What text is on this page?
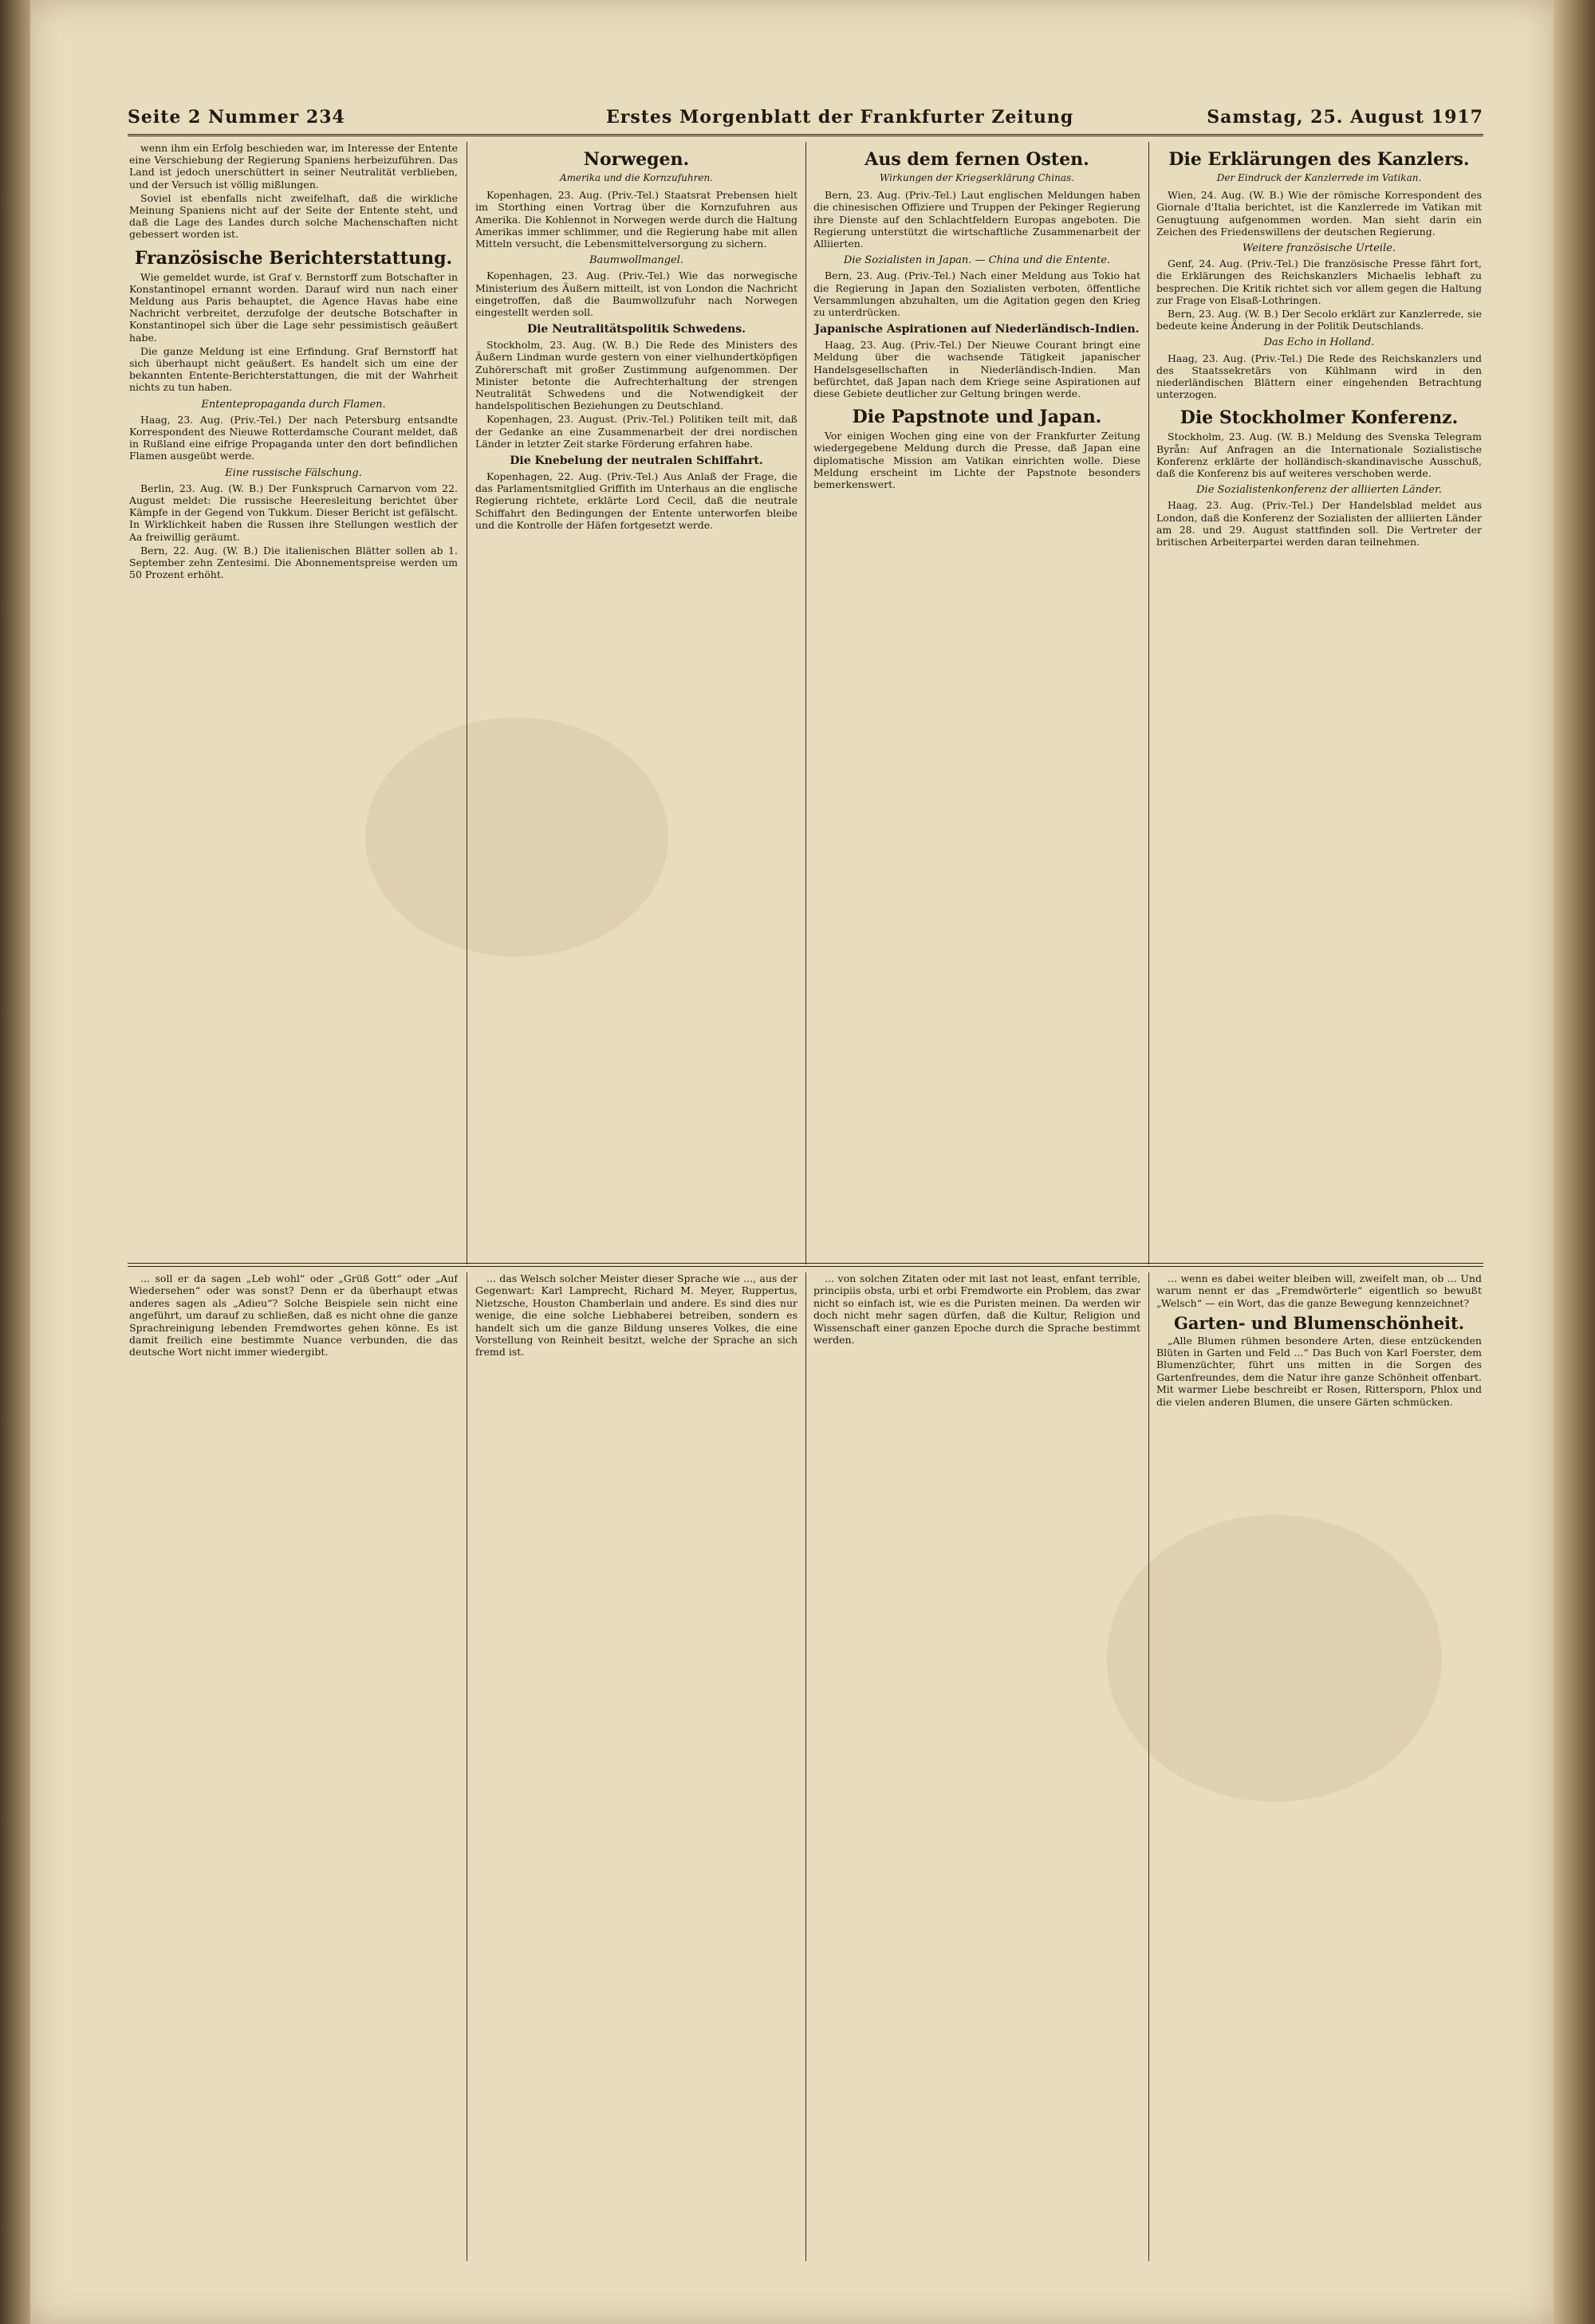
Seite 2 Nummer 234	Erstes Morgenblatt der Frankfurter Zeitung	Samstag, 25. August 1917

wenn ihm ein Erfolg beschieden war, im Interesse der Entente eine Verschiebung der Regierung Spaniens herbeizuführen. Das Land ist jedoch unerschüttert in seiner Neutralität verblieben, und der Versuch ist völlig mißlungen.

Soviel ist ebenfalls nicht zweifelhaft, daß die wirkliche Meinung Spaniens nicht auf der Seite der Entente steht, und daß die Lage des Landes durch solche Machenschaften nicht gebessert worden ist.

Französische Berichterstattung.

Wie gemeldet wurde, ist Graf v. Bernstorff zum Botschafter in Konstantinopel ernannt worden. Darauf wird nun nach einer Meldung aus Paris behauptet, die Agence Havas habe eine Nachricht verbreitet, derzufolge der deutsche Botschafter in Konstantinopel sich über die Lage sehr pessimistisch geäußert habe.

Die ganze Meldung ist eine Erfindung. Graf Bernstorff hat sich überhaupt nicht geäußert. Es handelt sich um eine der bekannten Entente-Berichterstattungen, die mit der Wahrheit nichts zu tun haben.

Ententepropaganda durch Flamen.

Haag, 23. Aug. (Priv.-Tel.) Der nach Petersburg entsandte Korrespondent des Nieuwe Rotterdamsche Courant meldet, daß in Rußland eine eifrige Propaganda unter den dort befindlichen Flamen ausgeübt werde.

Eine russische Fälschung.

Berlin, 23. Aug. (W. B.) Der Funkspruch Carnarvon vom 22. August meldet: Die russische Heeresleitung berichtet über Kämpfe in der Gegend von Tukkum. Dieser Bericht ist gefälscht. In Wirklichkeit haben die Russen ihre Stellungen westlich der Aa freiwillig geräumt.

Bern, 22. Aug. (W. B.) Die italienischen Blätter sollen ab 1. September zehn Zentesimi. Die Abonnementspreise werden um 50 Prozent erhöht.

Norwegen.
Amerika und die Kornzufuhren.

Kopenhagen, 23. Aug. (Priv.-Tel.) Staatsrat Prebensen hielt im Storthing einen Vortrag über die Kornzufuhren aus Amerika. Die Kohlennot in Norwegen werde durch die Haltung Amerikas immer schlimmer, und die Regierung habe mit allen Mitteln versucht, die Lebensmittelversorgung zu sichern.

Baumwollmangel.

Kopenhagen, 23. Aug. (Priv.-Tel.) Wie das norwegische Ministerium des Äußern mitteilt, ist von London die Nachricht eingetroffen, daß die Baumwollzufuhr nach Norwegen eingestellt werden soll.

Die Neutralitätspolitik Schwedens.

Stockholm, 23. Aug. (W. B.) Die Rede des Ministers des Äußern Lindman wurde gestern von einer vielhundertköpfigen Zuhörerschaft mit großer Zustimmung aufgenommen. Der Minister betonte die Aufrechterhaltung der strengen Neutralität Schwedens und die Notwendigkeit der handelspolitischen Beziehungen zu Deutschland.

Kopenhagen, 23. August. (Priv.-Tel.) Politiken teilt mit, daß der Gedanke an eine Zusammenarbeit der drei nordischen Länder in letzter Zeit starke Förderung erfahren habe.

Die Knebelung der neutralen Schiffahrt.

Kopenhagen, 22. Aug. (Priv.-Tel.) Aus Anlaß der Frage, die das Parlamentsmitglied Griffith im Unterhaus an die englische Regierung richtete, erklärte Lord Cecil, daß die neutrale Schiffahrt den Bedingungen der Entente unterworfen bleibe und die Kontrolle der Häfen fortgesetzt werde.

Aus dem fernen Osten.
Wirkungen der Kriegserklärung Chinas.

Bern, 23. Aug. (Priv.-Tel.) Laut englischen Meldungen haben die chinesischen Offiziere und Truppen der Pekinger Regierung ihre Dienste auf den Schlachtfeldern Europas angeboten. Die Regierung unterstützt die wirtschaftliche Zusammenarbeit der Alliierten.

Die Sozialisten in Japan. — China und die Entente.

Bern, 23. Aug. (Priv.-Tel.) Nach einer Meldung aus Tokio hat die Regierung in Japan den Sozialisten verboten, öffentliche Versammlungen abzuhalten, um die Agitation gegen den Krieg zu unterdrücken.

Japanische Aspirationen auf Niederländisch-Indien.

Haag, 23. Aug. (Priv.-Tel.) Der Nieuwe Courant bringt eine Meldung über die wachsende Tätigkeit japanischer Handelsgesellschaften in Niederländisch-Indien. Man befürchtet, daß Japan nach dem Kriege seine Aspirationen auf diese Gebiete deutlicher zur Geltung bringen werde.

Die Papstnote und Japan.

Vor einigen Wochen ging eine von der Frankfurter Zeitung wiedergegebene Meldung durch die Presse, daß Japan eine diplomatische Mission am Vatikan einrichten wolle. Diese Meldung erscheint im Lichte der Papstnote besonders bemerkenswert.

Die Erklärungen des Kanzlers.
Der Eindruck der Kanzlerrede im Vatikan.

Wien, 24. Aug. (W. B.) Wie der römische Korrespondent des Giornale d'Italia berichtet, ist die Kanzlerrede im Vatikan mit Genugtuung aufgenommen worden. Man sieht darin ein Zeichen des Friedenswillens der deutschen Regierung.

Weitere französische Urteile.

Genf, 24. Aug. (Priv.-Tel.) Die französische Presse fährt fort, die Erklärungen des Reichskanzlers Michaelis lebhaft zu besprechen. Die Kritik richtet sich vor allem gegen die Haltung zur Frage von Elsaß-Lothringen.

Bern, 23. Aug. (W. B.) Der Secolo erklärt zur Kanzlerrede, sie bedeute keine Änderung in der Politik Deutschlands.

Das Echo in Holland.

Haag, 23. Aug. (Priv.-Tel.) Die Rede des Reichskanzlers und des Staatssekretärs von Kühlmann wird in den niederländischen Blättern einer eingehenden Betrachtung unterzogen.

Die Stockholmer Konferenz.

Stockholm, 23. Aug. (W. B.) Meldung des Svenska Telegram Byrån: Auf Anfragen an die Internationale Sozialistische Konferenz erklärte der holländisch-skandinavische Ausschuß, daß die Konferenz bis auf weiteres verschoben werde.

Die Sozialistenkonferenz der alliierten Länder.

Haag, 23. Aug. (Priv.-Tel.) Der Handelsblad meldet aus London, daß die Konferenz der Sozialisten der alliierten Länder am 28. und 29. August stattfinden soll. Die Vertreter der britischen Arbeiterpartei werden daran teilnehmen.

... soll er da sagen „Leb wohl“ oder „Grüß Gott“ oder „Auf Wiedersehen“ oder was sonst? Denn er da überhaupt etwas anderes sagen als „Adieu“? Solche Beispiele sein nicht eine angeführt, um darauf zu schließen, daß es nicht ohne die ganze Sprachreinigung lebenden Fremdwortes gehen könne. Es ist damit freilich eine bestimmte Nuance verbunden, die das deutsche Wort nicht immer wiedergibt.

... das Welsch solcher Meister dieser Sprache wie ..., aus der Gegenwart: Karl Lamprecht, Richard M. Meyer, Ruppertus, Nietzsche, Houston Chamberlain und andere. Es sind dies nur wenige, die eine solche Liebhaberei betreiben, sondern es handelt sich um die ganze Bildung unseres Volkes, die eine Vorstellung von Reinheit besitzt, welche der Sprache an sich fremd ist.

... von solchen Zitaten oder mit last not least, enfant terrible, principiis obsta, urbi et orbi Fremdworte ein Problem, das zwar nicht so einfach ist, wie es die Puristen meinen. Da werden wir doch nicht mehr sagen dürfen, daß die Kultur, Religion und Wissenschaft einer ganzen Epoche durch die Sprache bestimmt werden.

... wenn es dabei weiter bleiben will, zweifelt man, ob ... Und warum nennt er das „Fremdwörterle“ eigentlich so bewußt „Welsch“ — ein Wort, das die ganze Bewegung kennzeichnet?

Garten- und Blumenschönheit.

„Alle Blumen rühmen besondere Arten, diese entzückenden Blüten in Garten und Feld ...“ Das Buch von Karl Foerster, dem Blumenzüchter, führt uns mitten in die Sorgen des Gartenfreundes, dem die Natur ihre ganze Schönheit offenbart. Mit warmer Liebe beschreibt er Rosen, Rittersporn, Phlox und die vielen anderen Blumen, die unsere Gärten schmücken.
